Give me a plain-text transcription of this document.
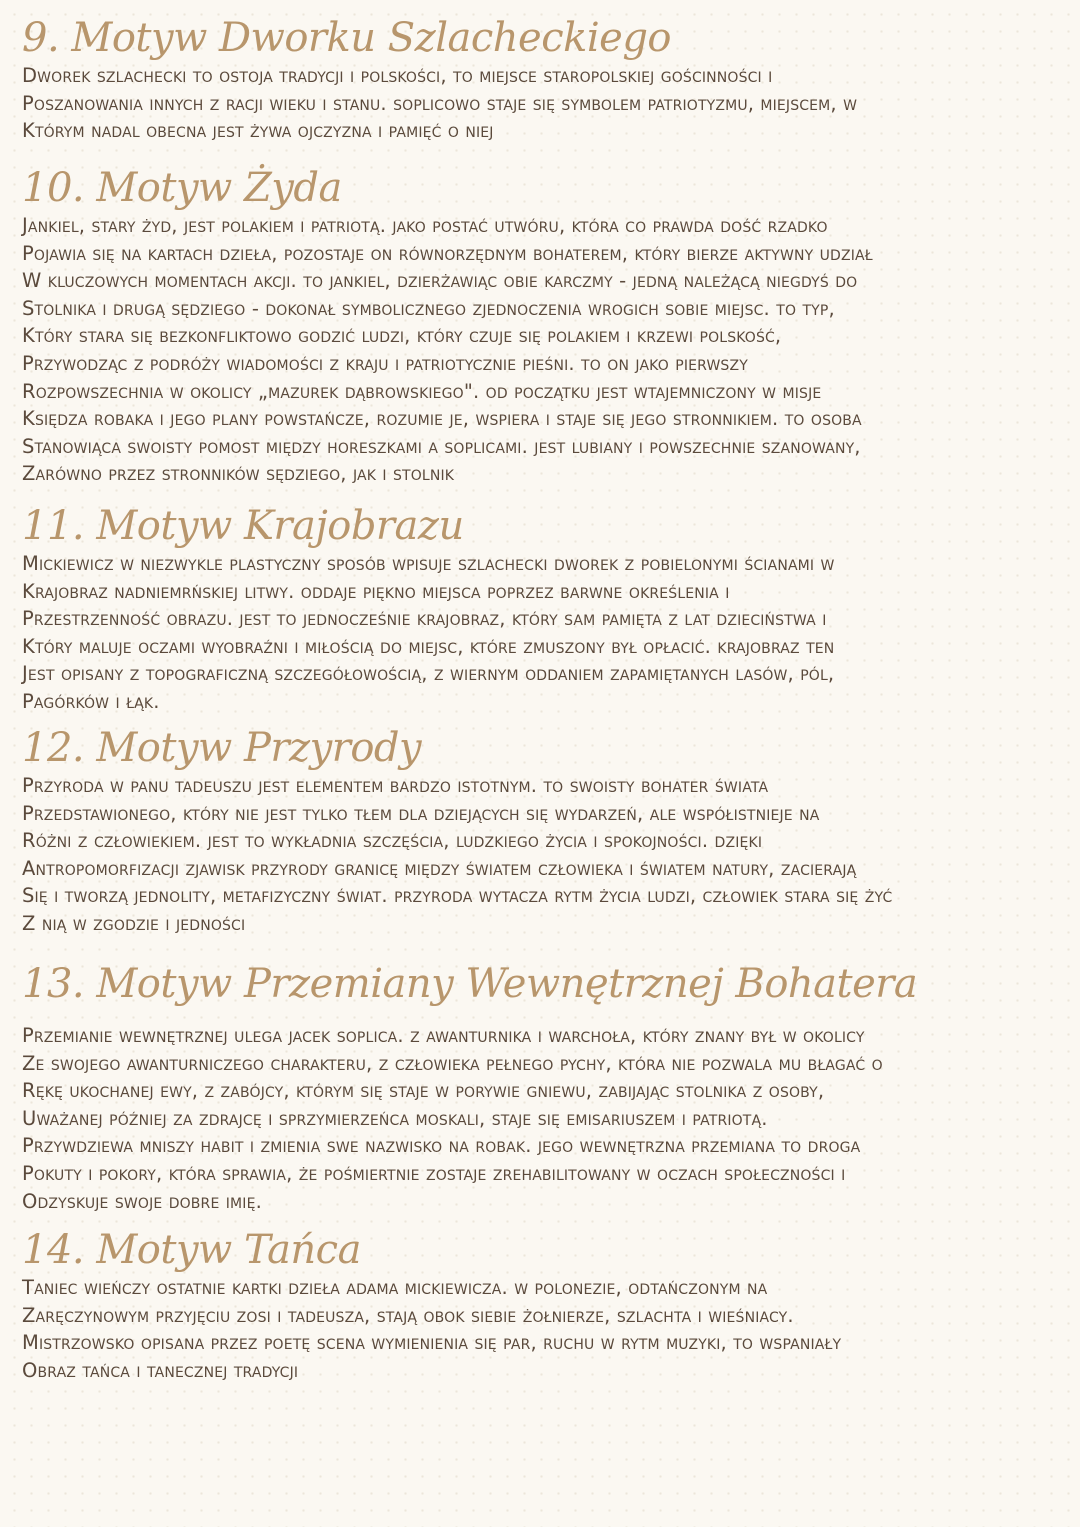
9. Motyw Dworku Szlacheckiego
Dworek szlachecki to ostoja tradycji i polskości, to miejsce staropolskiej gościnności i
Poszanowania innych z racji wieku i stanu. soplicowo staje się symbolem patriotyzmu, miejscem, w
Którym nadal obecna jest żywa ojczyzna i pamięć o niej
10. Motyw Żyda
Jankiel, stary żyd, jest polakiem i patriotą. jako postać utwóru, która co prawda dość rzadko
Pojawia się na kartach dzieła, pozostaje on równorzędnym bohaterem, który bierze aktywny udział
W kluczowych momentach akcji. to jankiel, dzierżawiąc obie karczmy - jedną należącą niegdyś do
Stolnika i drugą sędziego - dokonał symbolicznego zjednoczenia wrogich sobie miejsc. to typ,
Który stara się bezkonfliktowo godzić ludzi, który czuje się polakiem i krzewi polskość,
Przywodząc z podróży wiadomości z kraju i patriotycznie pieśni. to on jako pierwszy
Rozpowszechnia w okolicy „mazurek dąbrowskiego". od początku jest wtajemniczony w misje
Księdza robaka i jego plany powstańcze, rozumie je, wspiera i staje się jego stronnikiem. to osoba
Stanowiąca swoisty pomost między horeszkami a soplicami. jest lubiany i powszechnie szanowany,
Zarówno przez stronników sędziego, jak i stolnik
11. Motyw Krajobrazu
Mickiewicz w niezwykle plastyczny sposób wpisuje szlachecki dworek z pobielonymi ścianami w
Krajobraz nadniemrńskiej litwy. oddaje piękno miejsca poprzez barwne określenia i
Przestrzenność obrazu. jest to jednocześnie krajobraz, który sam pamięta z lat dzieciństwa i
Który maluje oczami wyobraźni i miłością do miejsc, które zmuszony był opłacić. krajobraz ten
Jest opisany z topograficzną szczegółowością, z wiernym oddaniem zapamiętanych lasów, pól,
Pagórków i łąk.
12. Motyw Przyrody
Przyroda w panu tadeuszu jest elementem bardzo istotnym. to swoisty bohater świata
Przedstawionego, który nie jest tylko tłem dla dziejących się wydarzeń, ale współistnieje na
Różni z człowiekiem. jest to wykładnia szczęścia, ludzkiego życia i spokojności. dzięki
Antropomorfizacji zjawisk przyrody granicę między światem człowieka i światem natury, zacierają
Się i tworzą jednolity, metafizyczny świat. przyroda wytacza rytm życia ludzi, człowiek stara się żyć
Z nią w zgodzie i jedności
13. Motyw Przemiany Wewnętrznej Bohatera
Przemianie wewnętrznej ulega jacek soplica. z awanturnika i warchoła, który znany był w okolicy
Ze swojego awanturniczego charakteru, z człowieka pełnego pychy, która nie pozwala mu błagać o
Rękę ukochanej ewy, z zabójcy, którym się staje w porywie gniewu, zabijając stolnika z osoby,
Uważanej później za zdrajcę i sprzymierzeńca moskali, staje się emisariuszem i patriotą.
Przywdziewa mniszy habit i zmienia swe nazwisko na robak. jego wewnętrzna przemiana to droga
Pokuty i pokory, która sprawia, że pośmiertnie zostaje zrehabilitowany w oczach społeczności i
Odzyskuje swoje dobre imię.
14. Motyw Tańca
Taniec wieńczy ostatnie kartki dzieła adama mickiewicza. w polonezie, odtańczonym na
Zaręczynowym przyjęciu zosi i tadeusza, stają obok siebie żołnierze, szlachta i wieśniacy.
Mistrzowsko opisana przez poetę scena wymienienia się par, ruchu w rytm muzyki, to wspaniały
Obraz tańca i tanecznej tradycji
